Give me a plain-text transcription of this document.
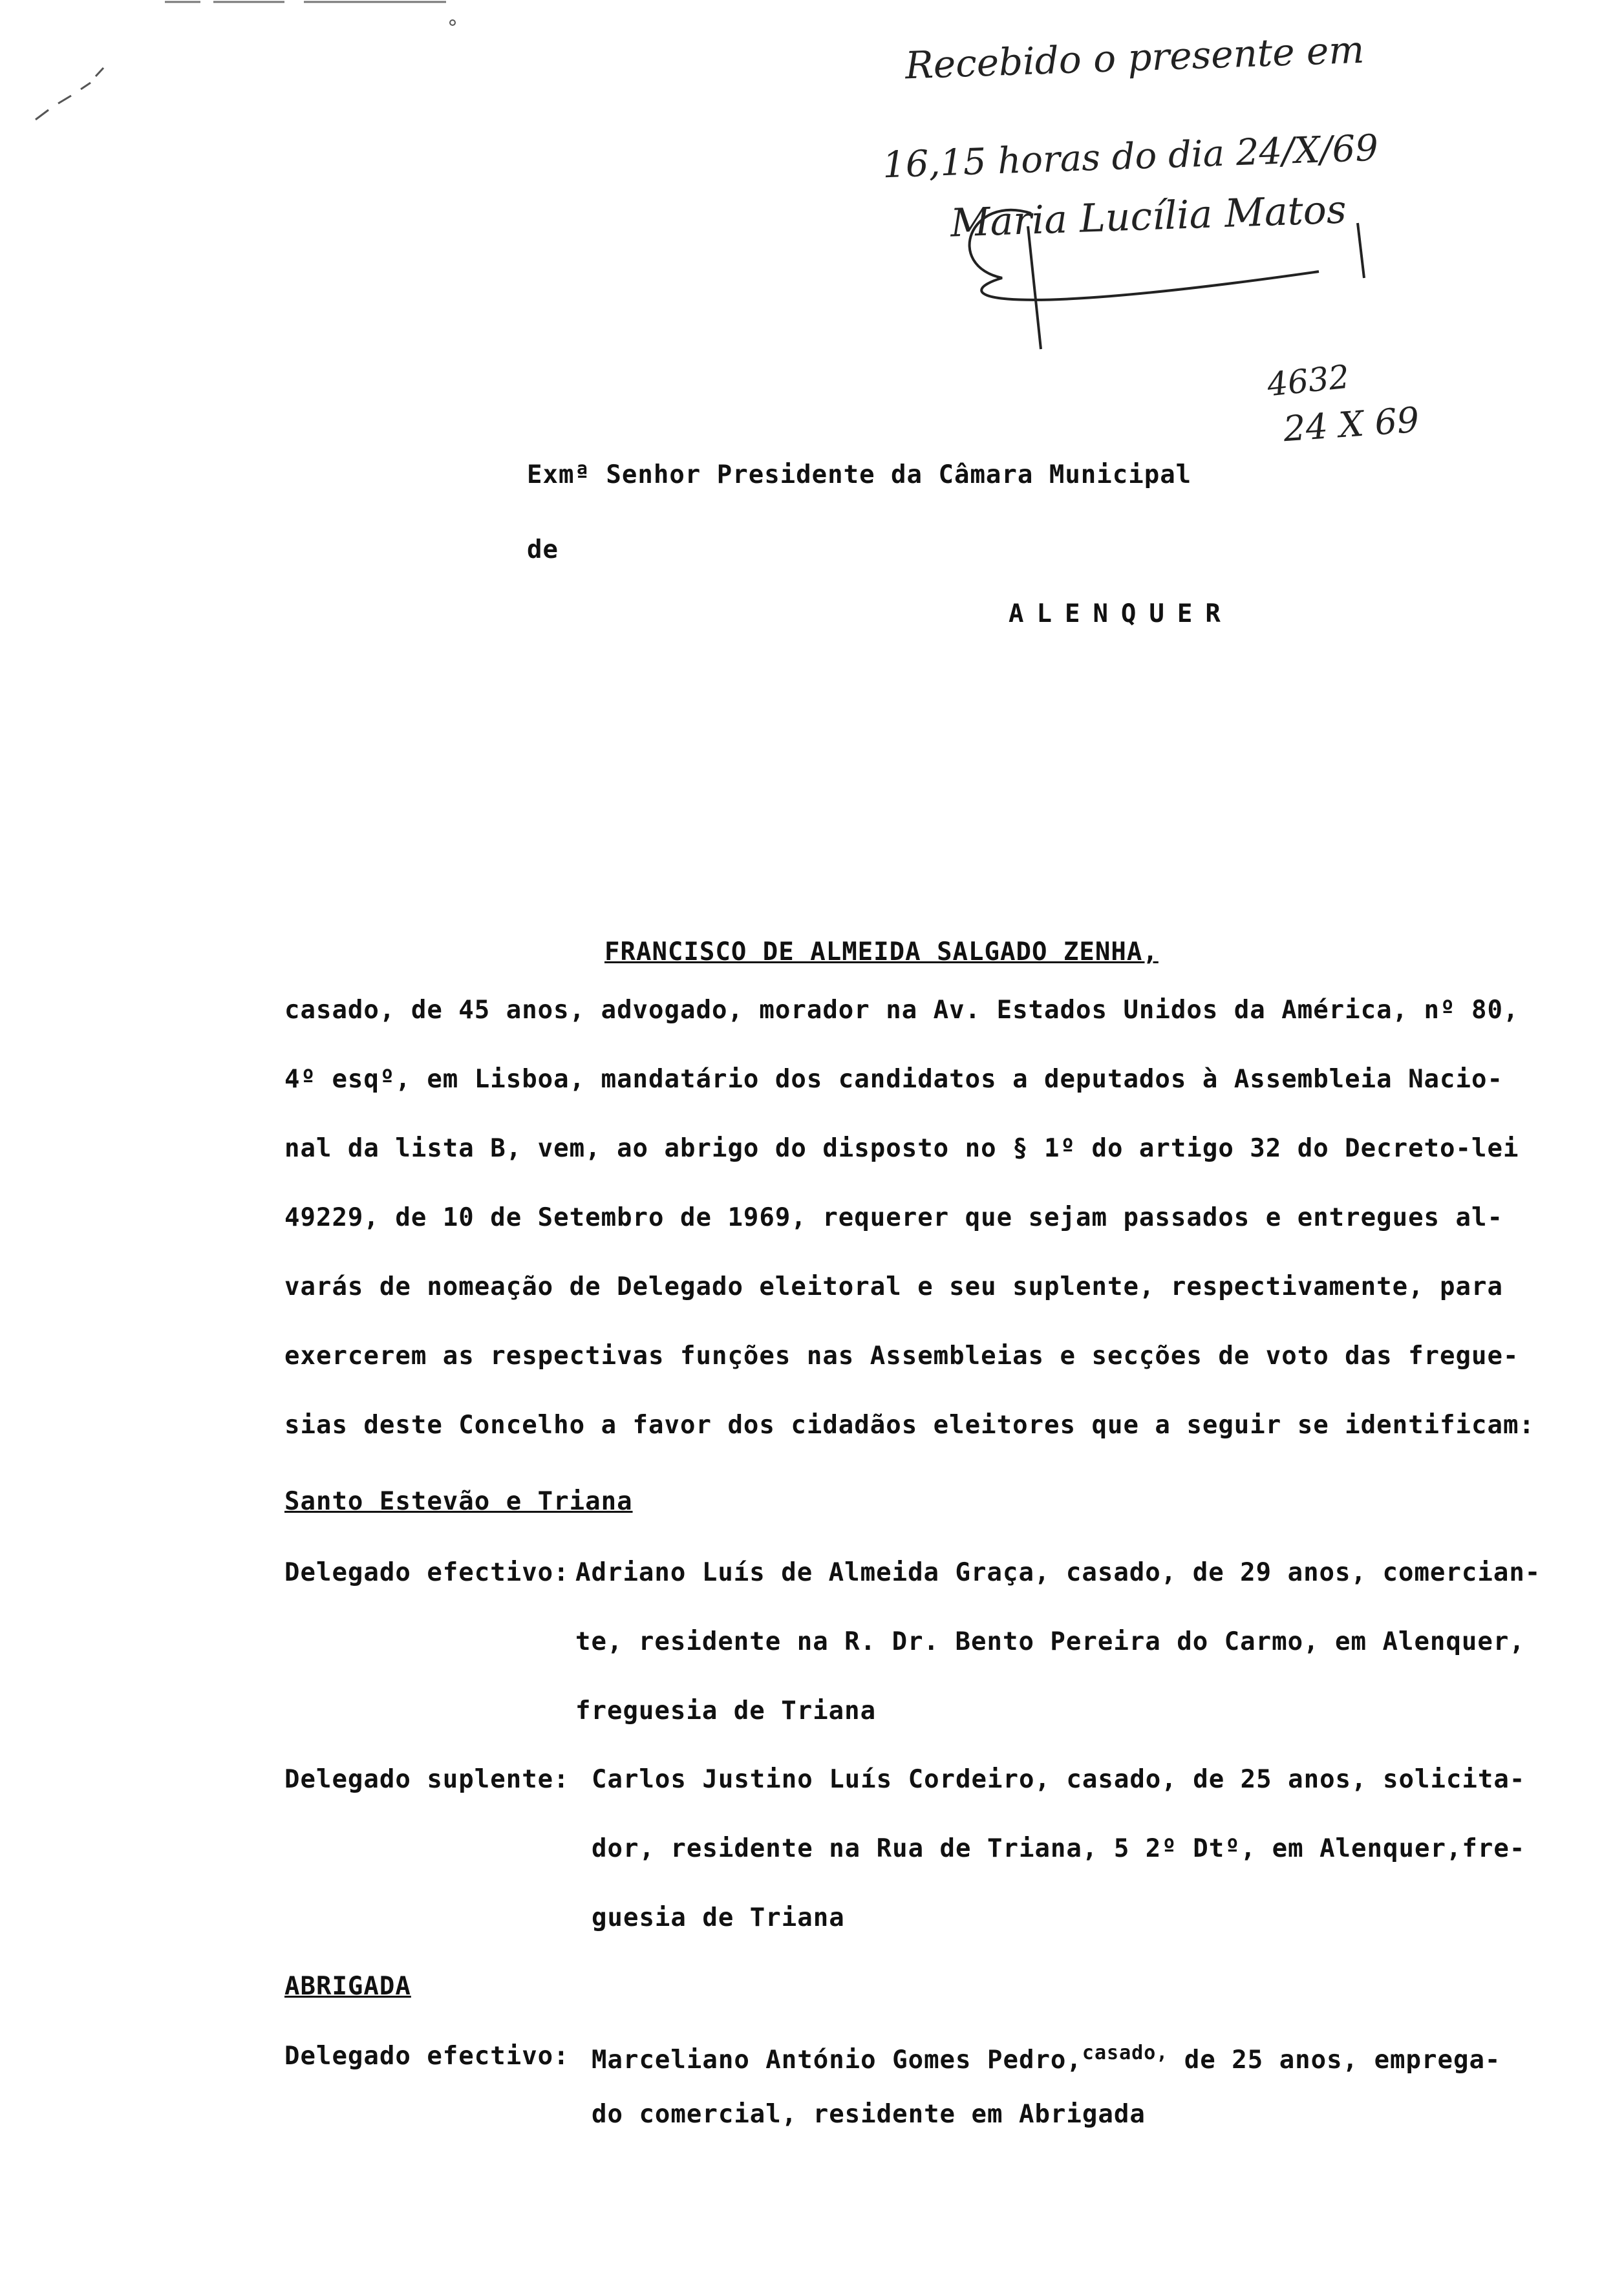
Recebido o presente em
16,15 horas do dia 24/X/69
Maria Lucília Matos
4632
24 X 69
Exmª Senhor Presidente da Câmara Municipal
de
ALENQUER
FRANCISCO DE ALMEIDA SALGADO ZENHA,
casado, de 45 anos, advogado, morador na Av. Estados Unidos da América, nº 80,
4º esqº, em Lisboa, mandatário dos candidatos a deputados à Assembleia Nacio-
nal da lista B, vem, ao abrigo do disposto no § 1º do artigo 32 do Decreto-lei
49229, de 10 de Setembro de 1969, requerer que sejam passados e entregues al-
varás de nomeação de Delegado eleitoral e seu suplente, respectivamente, para
exercerem as respectivas funções nas Assembleias e secções de voto das fregue-
sias deste Concelho a favor dos cidadãos eleitores que a seguir se identificam:
Santo Estevão e Triana
Delegado efectivo: Adriano Luís de Almeida Graça, casado, de 29 anos, comercian-
te, residente na R. Dr. Bento Pereira do Carmo, em Alenquer,
freguesia de Triana
Delegado suplente: Carlos Justino Luís Cordeiro, casado, de 25 anos, solicita-
dor, residente na Rua de Triana, 5 2º Dtº, em Alenquer,fre-
guesia de Triana
ABRIGADA
Delegado efectivo: Marceliano António Gomes Pedro,$^{casado,}$ de 25 anos, emprega-
do comercial, residente em Abrigada
